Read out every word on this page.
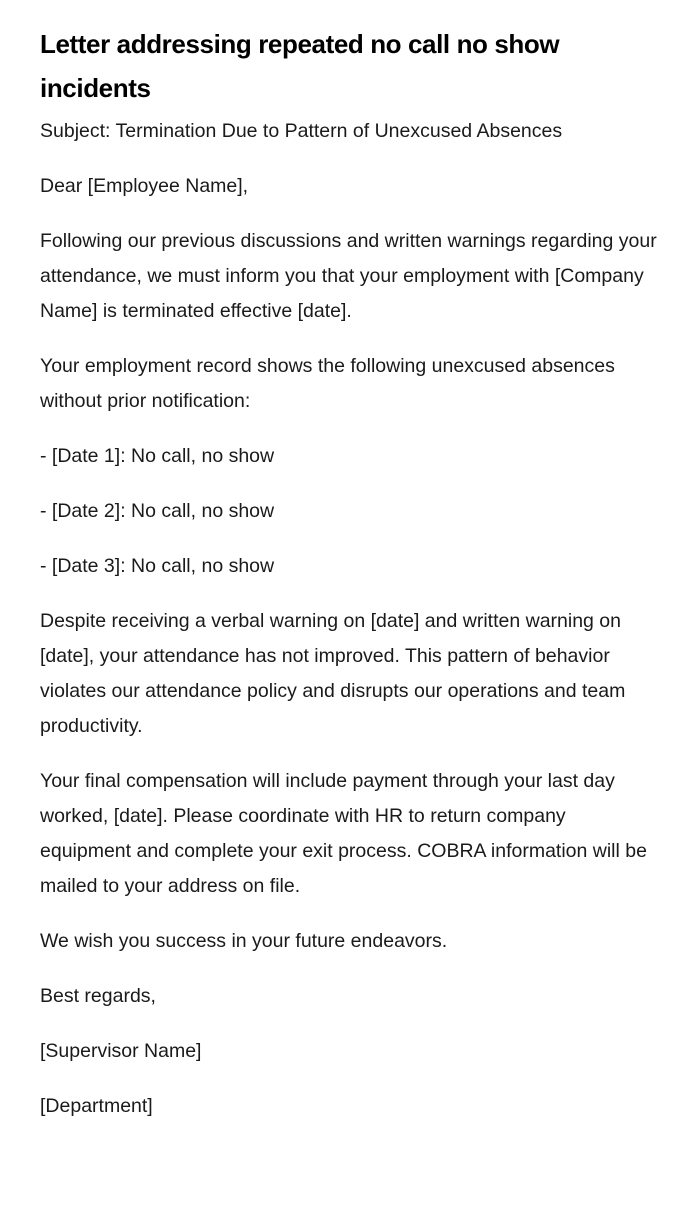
Letter addressing repeated no call no show incidents

Subject: Termination Due to Pattern of Unexcused Absences

Dear [Employee Name],

Following our previous discussions and written warnings regarding your attendance, we must inform you that your employment with [Company Name] is terminated effective [date].

Your employment record shows the following unexcused absences without prior notification:

- [Date 1]: No call, no show

- [Date 2]: No call, no show

- [Date 3]: No call, no show

Despite receiving a verbal warning on [date] and written warning on [date], your attendance has not improved. This pattern of behavior violates our attendance policy and disrupts our operations and team productivity.

Your final compensation will include payment through your last day worked, [date]. Please coordinate with HR to return company equipment and complete your exit process. COBRA information will be mailed to your address on file.

We wish you success in your future endeavors.

Best regards,

[Supervisor Name]

[Department]
